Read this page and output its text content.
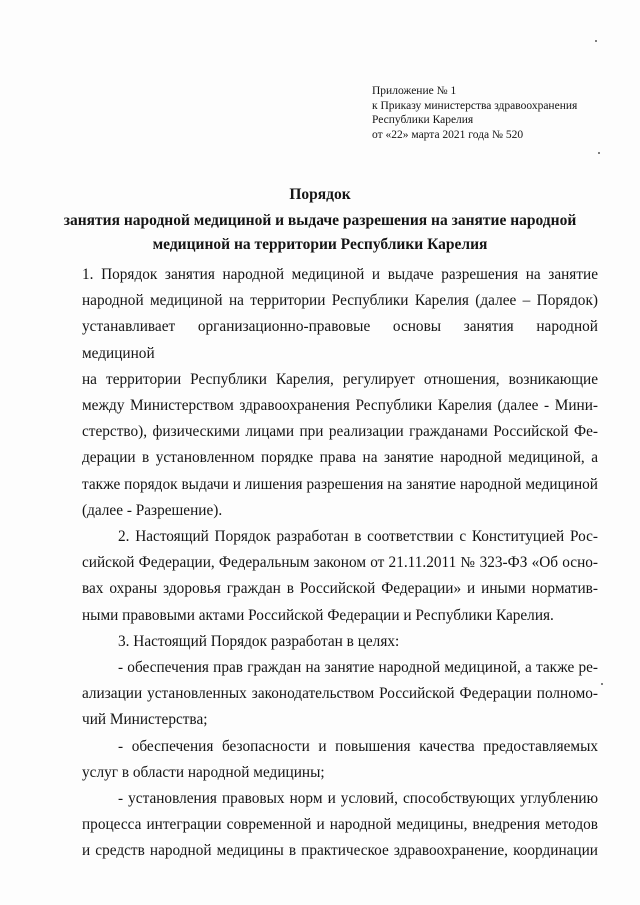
Приложение № 1
к Приказу министерства здравоохранения
Республики Карелия
от «22» марта 2021 года № 520
Порядок
занятия народной медициной и выдаче разрешения на занятие народной
медициной на территории Республики Карелия

1. Порядок занятия народной медициной и выдаче разрешения на занятие
народной медициной на территории Республики Карелия (далее – Порядок)
устанавливает организационно-правовые основы занятия народной медициной
на территории Республики Карелия, регулирует отношения, возникающие
между Министерством здравоохранения Республики Карелия (далее - Мини-
стерство), физическими лицами при реализации гражданами Российской Фе-
дерации в установленном порядке права на занятие народной медициной, а
также порядок выдачи и лишения разрешения на занятие народной медициной
(далее - Разрешение).

2. Настоящий Порядок разработан в соответствии с Конституцией Рос-
сийской Федерации, Федеральным законом от 21.11.2011 № 323-ФЗ «Об осно-
вах охраны здоровья граждан в Российской Федерации» и иными норматив-
ными правовыми актами Российской Федерации и Республики Карелия.

3. Настоящий Порядок разработан в целях:

- обеспечения прав граждан на занятие народной медициной, а также ре-
ализации установленных законодательством Российской Федерации полномо-
чий Министерства;

- обеспечения безопасности и повышения качества предоставляемых
услуг в области народной медицины;

- установления правовых норм и условий, способствующих углублению
процесса интеграции современной и народной медицины, внедрения методов
и средств народной медицины в практическое здравоохранение, координации
